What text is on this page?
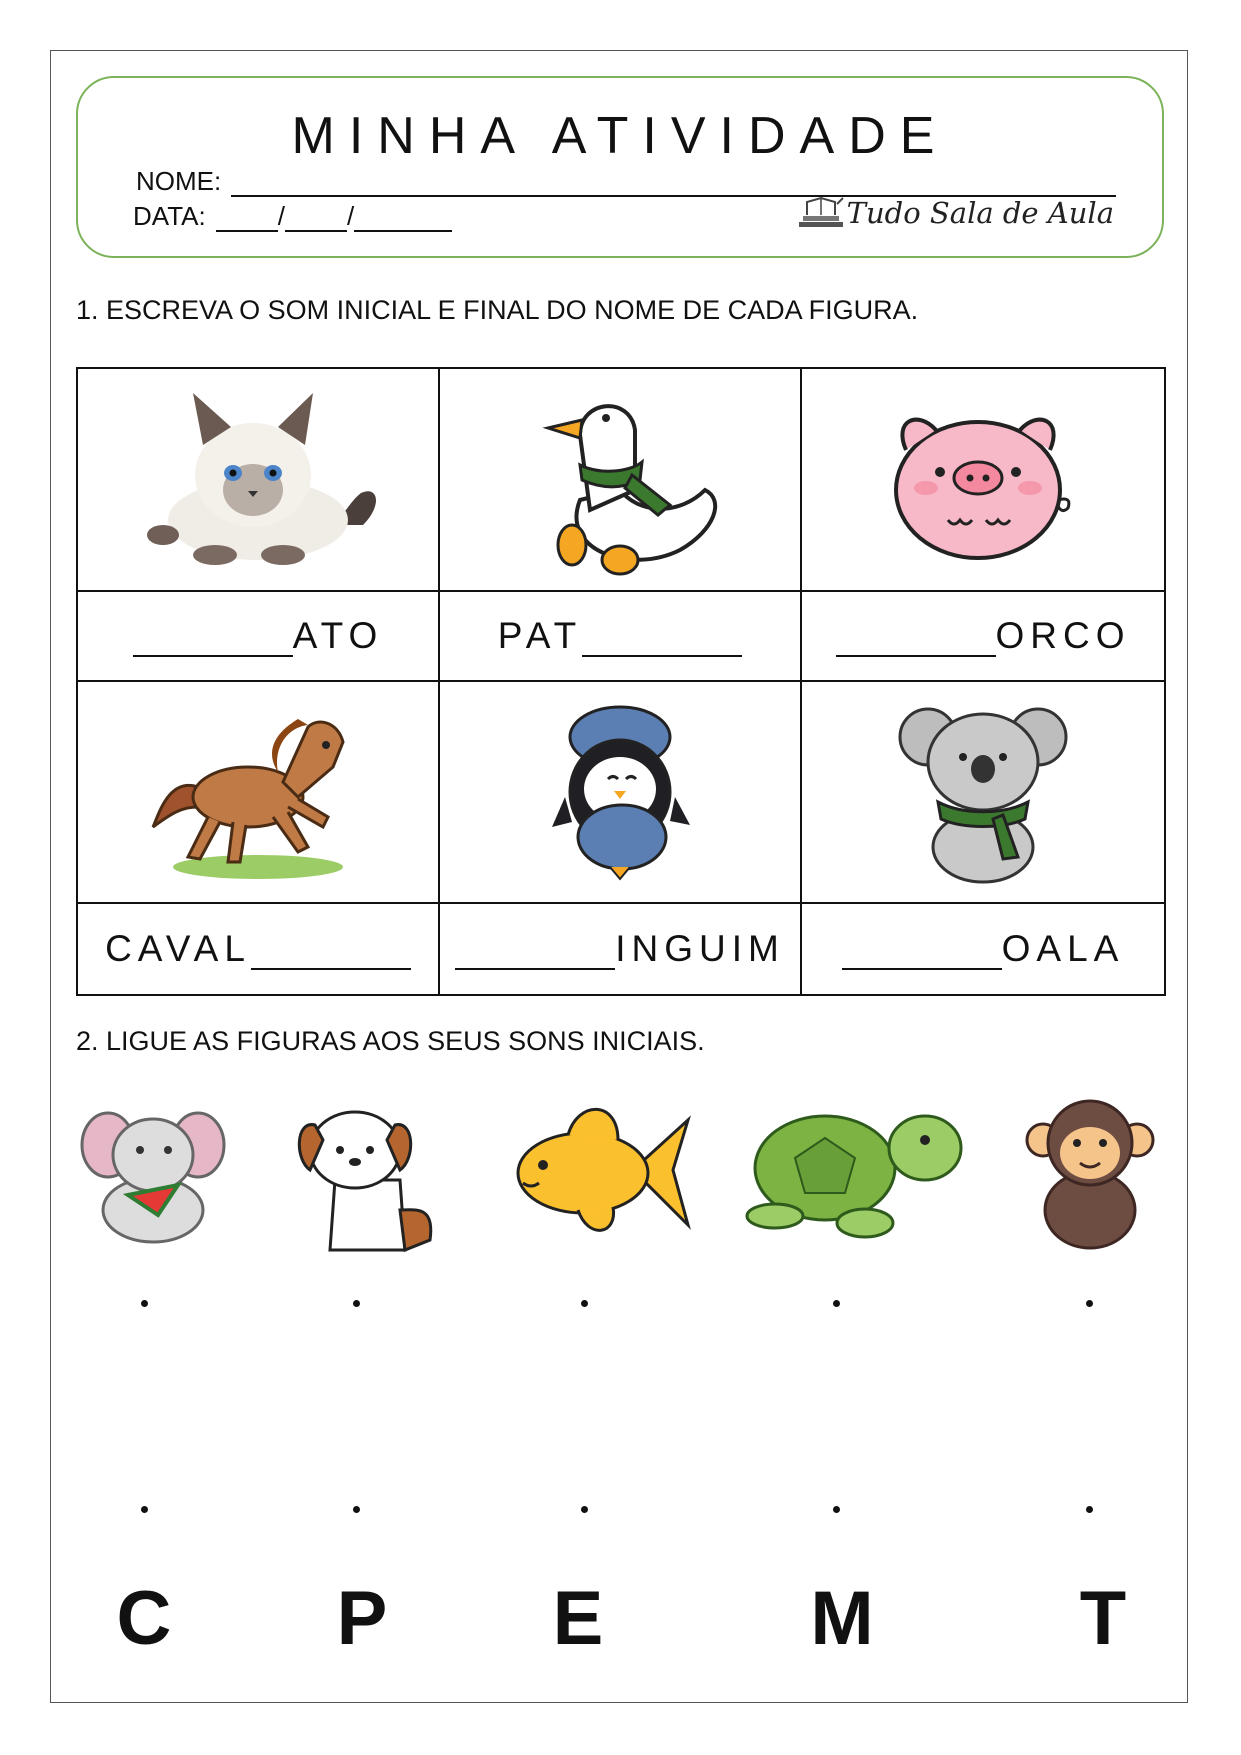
MINHA ATIVIDADE
NOME:
DATA:	/ /	Tudo Sala de Aula
1. ESCREVA O SOM INICIAL E FINAL DO NOME DE CADA FIGURA.
ATO	PAT	ORCO
CAVAL	INGUIM	OALA
2. LIGUE AS FIGURAS AOS SEUS SONS INICIAIS.
C P E	M	T
